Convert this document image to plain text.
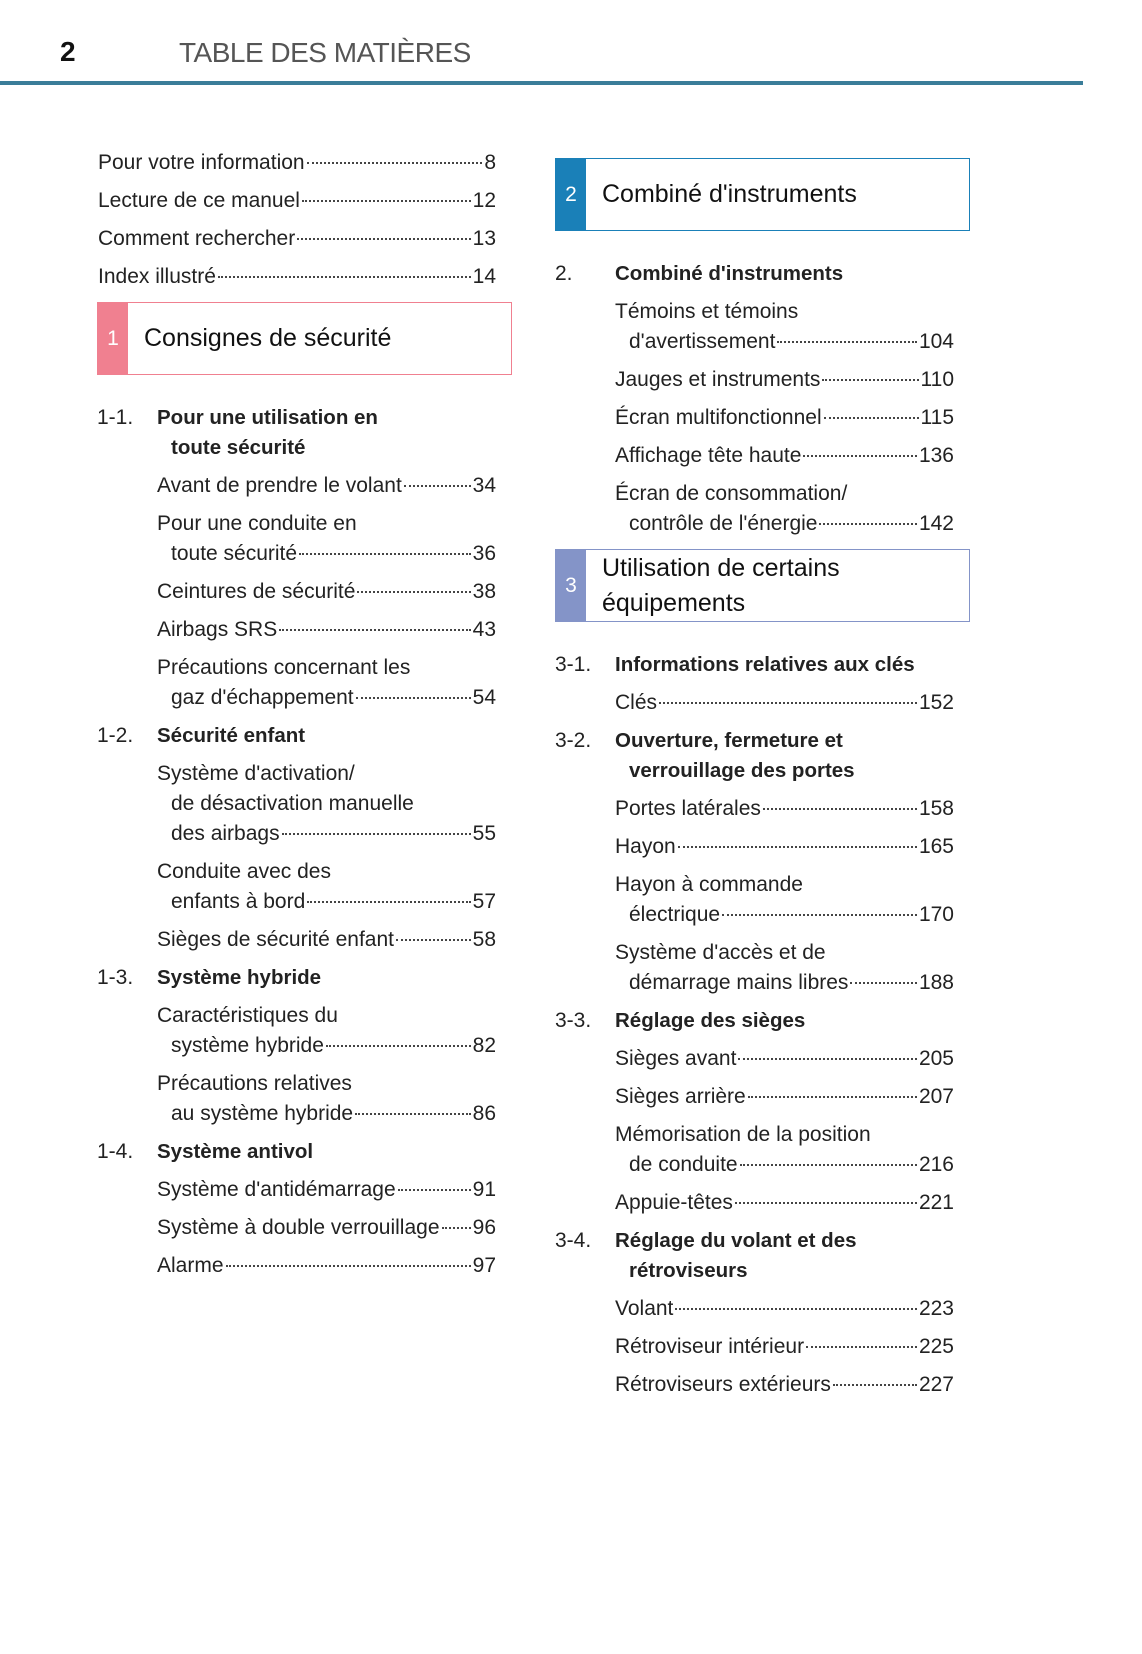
2	TABLE DES MATIÈRES
Pour votre information	8
Lecture de ce manuel	12
Comment rechercher	13
Index illustré	14
1	Consignes de sécurité
1-1.	Pour une utilisation en
toute sécurité
Avant de prendre le volant	34
Pour une conduite en
toute sécurité	36
Ceintures de sécurité	38
Airbags SRS	43
Précautions concernant les
gaz d'échappement	54
1-2.	Sécurité enfant
Système d'activation/
de désactivation manuelle
des airbags	55
Conduite avec des
enfants à bord	57
Sièges de sécurité enfant	58
1-3.	Système hybride
Caractéristiques du
système hybride	82
Précautions relatives
au système hybride	86
1-4.	Système antivol
Système d'antidémarrage	91
Système à double verrouillage 96
Alarme	97
2	Combiné d'instruments
2.	Combiné d'instruments
Témoins et témoins
d'avertissement	104
Jauges et instruments	110
Écran multifonctionnel	115
Affichage tête haute	136
Écran de consommation/
contrôle de l'énergie	142
3
Utilisation de certains
équipements
3-1.	Informations relatives aux clés
Clés	152
3-2.	Ouverture, fermeture et
verrouillage des portes
Portes latérales	158
Hayon	165
Hayon à commande
électrique	170
Système d'accès et de
démarrage mains libres	188
3-3.	Réglage des sièges
Sièges avant	205
Sièges arrière	207
Mémorisation de la position
de conduite	216
Appuie-têtes	221
3-4.	Réglage du volant et des
rétroviseurs
Volant	223
Rétroviseur intérieur	225
Rétroviseurs extérieurs	227
